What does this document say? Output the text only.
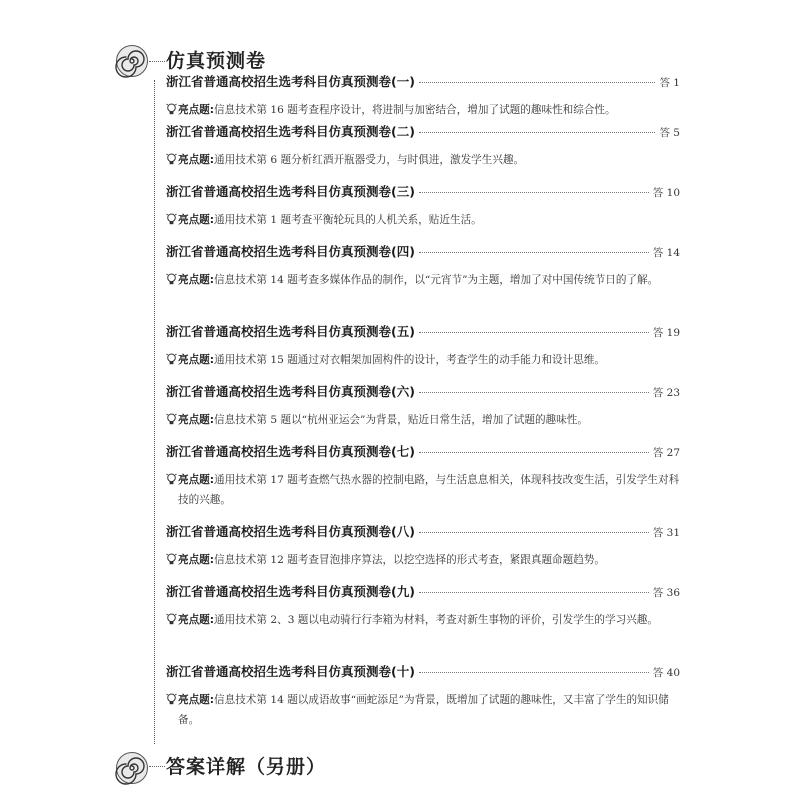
仿真预测卷
浙江省普通高校招生选考科目仿真预测卷(一)	答 1
亮点题:信息技术第 16 题考查程序设计，将进制与加密结合，增加了试题的趣味性和综合性。
浙江省普通高校招生选考科目仿真预测卷(二)	答 5
亮点题:通用技术第 6 题分析红酒开瓶器受力，与时俱进，激发学生兴趣。
浙江省普通高校招生选考科目仿真预测卷(三)	答 10
亮点题:通用技术第 1 题考查平衡轮玩具的人机关系，贴近生活。
浙江省普通高校招生选考科目仿真预测卷(四)	答 14
亮点题:信息技术第 14 题考查多媒体作品的制作，以“元宵节”为主题，增加了对中国传统节日的了解。
浙江省普通高校招生选考科目仿真预测卷(五)	答 19
亮点题:通用技术第 15 题通过对衣帽架加固构件的设计，考查学生的动手能力和设计思维。
浙江省普通高校招生选考科目仿真预测卷(六)	答 23
亮点题:信息技术第 5 题以“杭州亚运会”为背景，贴近日常生活，增加了试题的趣味性。
浙江省普通高校招生选考科目仿真预测卷(七)	答 27
亮点题:通用技术第 17 题考查燃气热水器的控制电路，与生活息息相关，体现科技改变生活，引发学生对科技的兴趣。
浙江省普通高校招生选考科目仿真预测卷(八)	答 31
亮点题:信息技术第 12 题考查冒泡排序算法，以挖空选择的形式考查，紧跟真题命题趋势。
浙江省普通高校招生选考科目仿真预测卷(九)	答 36
亮点题:通用技术第 2、3 题以电动骑行行李箱为材料，考查对新生事物的评价，引发学生的学习兴趣。
浙江省普通高校招生选考科目仿真预测卷(十)	答 40
亮点题:信息技术第 14 题以成语故事“画蛇添足”为背景，既增加了试题的趣味性，又丰富了学生的知识储备。
答案详解（另册）
